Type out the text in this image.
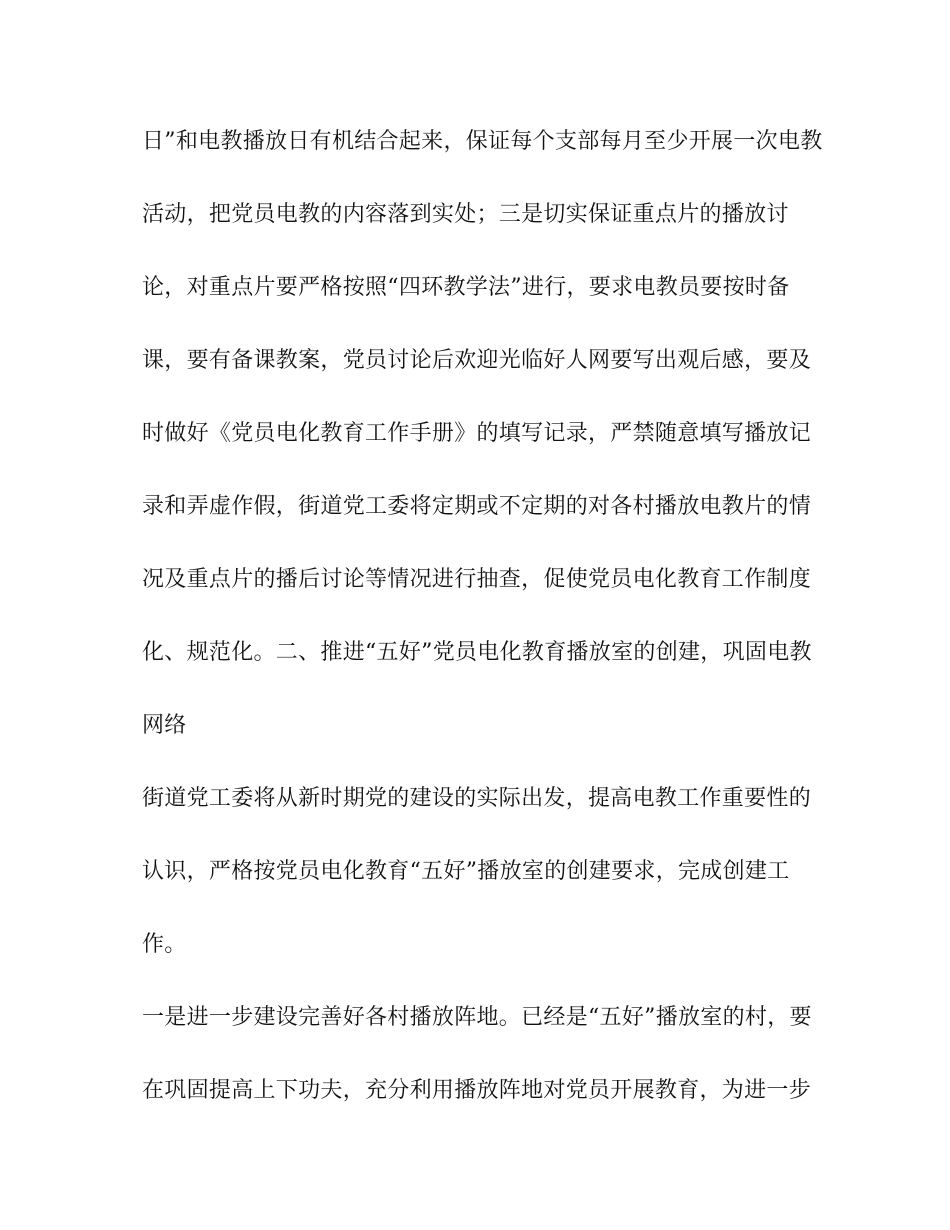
日”和电教播放日有机结合起来，保证每个支部每月至少开展一次电教
活动，把党员电教的内容落到实处；三是切实保证重点片的播放讨
论，对重点片要严格按照“四环教学法”进行，要求电教员要按时备
课，要有备课教案，党员讨论后欢迎光临好人网要写出观后感，要及
时做好《党员电化教育工作手册》的填写记录，严禁随意填写播放记
录和弄虚作假，街道党工委将定期或不定期的对各村播放电教片的情
况及重点片的播后讨论等情况进行抽查，促使党员电化教育工作制度
化、规范化。二、推进“五好”党员电化教育播放室的创建，巩固电教
网络
街道党工委将从新时期党的建设的实际出发，提高电教工作重要性的
认识，严格按党员电化教育“五好”播放室的创建要求，完成创建工
作。
一是进一步建设完善好各村播放阵地。已经是“五好”播放室的村，要
在巩固提高上下功夫，充分利用播放阵地对党员开展教育，为进一步
